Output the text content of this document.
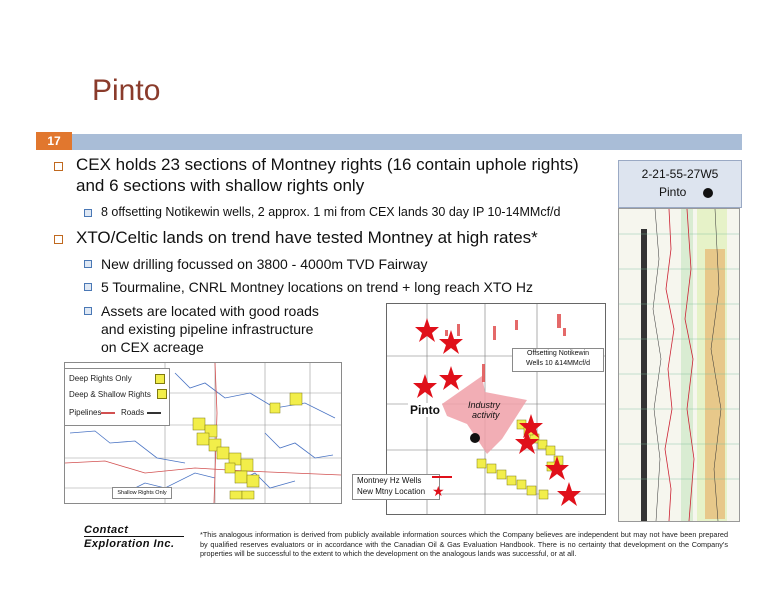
Pinto
17
CEX holds 23 sections of Montney rights (16 contain uphole rights)
and 6 sections with shallow rights only
8 offsetting Notikewin wells, 2 approx. 1 mi from CEX lands 30 day IP 10-14MMcf/d
XTO/Celtic lands on trend have tested Montney at high rates*
New drilling focussed on 3800 - 4000m TVD Fairway
5 Tourmaline, CNRL Montney locations on trend + long reach XTO Hz
Assets are located with good roads
and existing pipeline infrastructure
on CEX acreage
Deep Rights Only
Deep & Shallow Rights
Pipelines Roads
Shallow Rights Only
Pinto	Industry
activity
Offsetting Notikewin
Wells 10 &14MMcf/d
Montney Hz Wells
New Mtny Location ★
2-21-55-27W5
Pinto
Contact
Exploration Inc.
*This analogous information is derived from publicly available information sources which the Company believes are independent but may not have been prepared by qualified reserves evaluators or in accordance with the Canadian Oil & Gas Evaluation Handbook. There is no certainty that development on the Company's properties will be successful to the extent to which the development on the analogous lands was successful, or at all.
